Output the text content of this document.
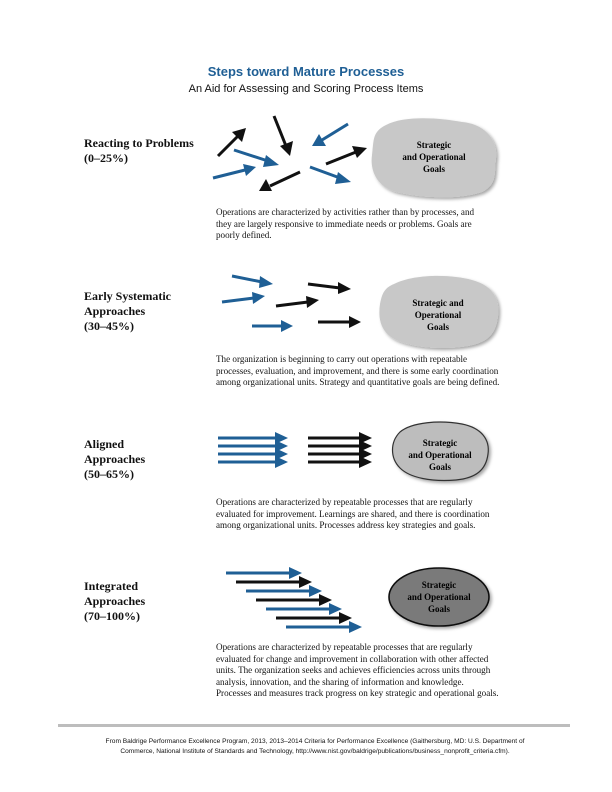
Steps toward Mature Processes
An Aid for Assessing and Scoring Process Items
Reacting to Problems
(0–25%)
Operations are characterized by activities rather than by processes, and
they are largely responsive to immediate needs or problems. Goals are
poorly defined.
Early Systematic
Approaches
(30–45%)
The organization is beginning to carry out operations with repeatable
processes, evaluation, and improvement, and there is some early coordination
among organizational units. Strategy and quantitative goals are being defined.
Aligned
Approaches
(50–65%)
Operations are characterized by repeatable processes that are regularly
evaluated for improvement. Learnings are shared, and there is coordination
among organizational units. Processes address key strategies and goals.
Integrated
Approaches
(70–100%)
Operations are characterized by repeatable processes that are regularly
evaluated for change and improvement in collaboration with other affected
units. The organization seeks and achieves efficiencies across units through
analysis, innovation, and the sharing of information and knowledge.
Processes and measures track progress on key strategic and operational goals.
Strategic
and Operational
Goals
Strategic and
Operational
Goals
Strategic
and Operational
Goals
Strategic
and Operational
Goals
From Baldrige Performance Excellence Program, 2013, 2013–2014 Criteria for Performance Excellence (Gaithersburg, MD: U.S. Department of
Commerce, National Institute of Standards and Technology, http://www.nist.gov/baldrige/publications/business_nonprofit_criteria.cfm).
